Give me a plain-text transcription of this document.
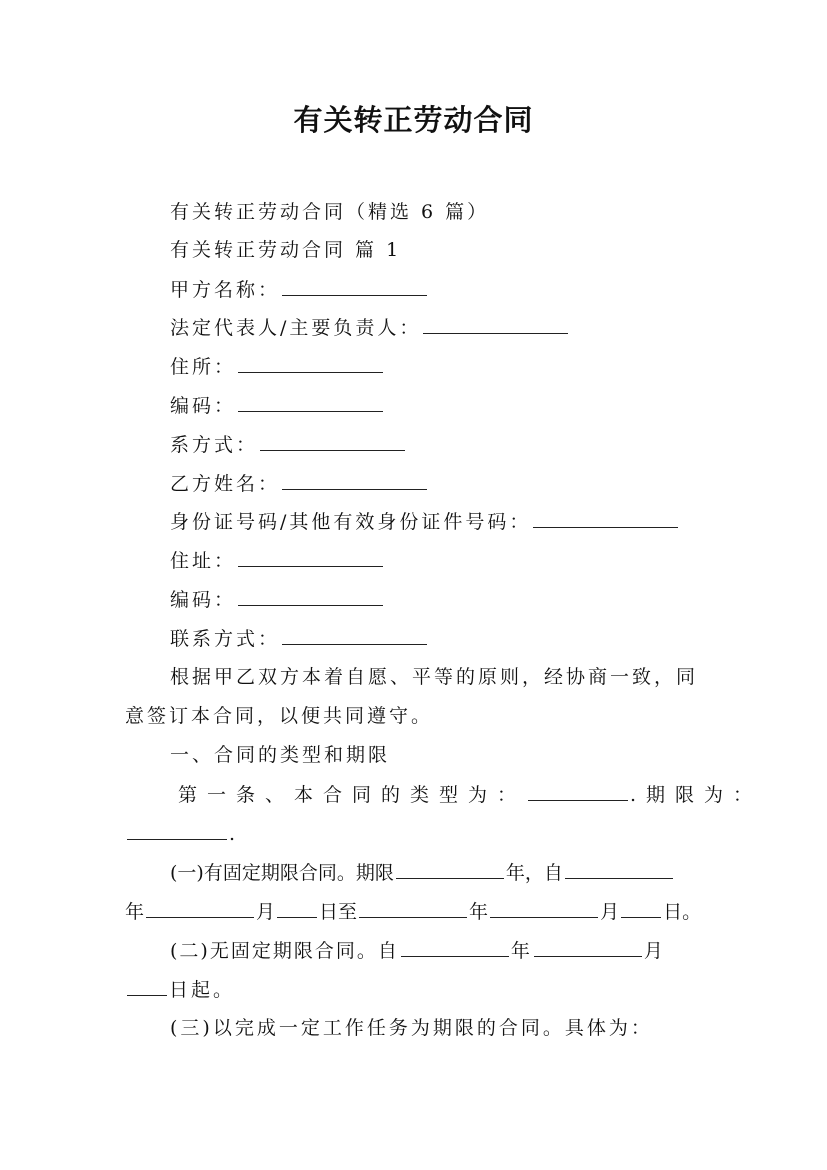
有关转正劳动合同
有关转正劳动合同（精选 6 篇）
有关转正劳动合同 篇 1
甲方名称：
法定代表人/主要负责人：
住所：
编码：
系方式：
乙方姓名：
身份证号码/其他有效身份证件号码：
住址：
编码：
联系方式：
根据甲乙双方本着自愿、平等的原则，经协商一致，同
意签订本合同，以便共同遵守。
一、合同的类型和期限
第一条、本合同的类型为：	.期限为：
.
(一)有固定期限合同。期限	年，自
年	月 日至	年	月 日。
(二)无固定期限合同。自	年	月
日起。
(三)以完成一定工作任务为期限的合同。具体为：
